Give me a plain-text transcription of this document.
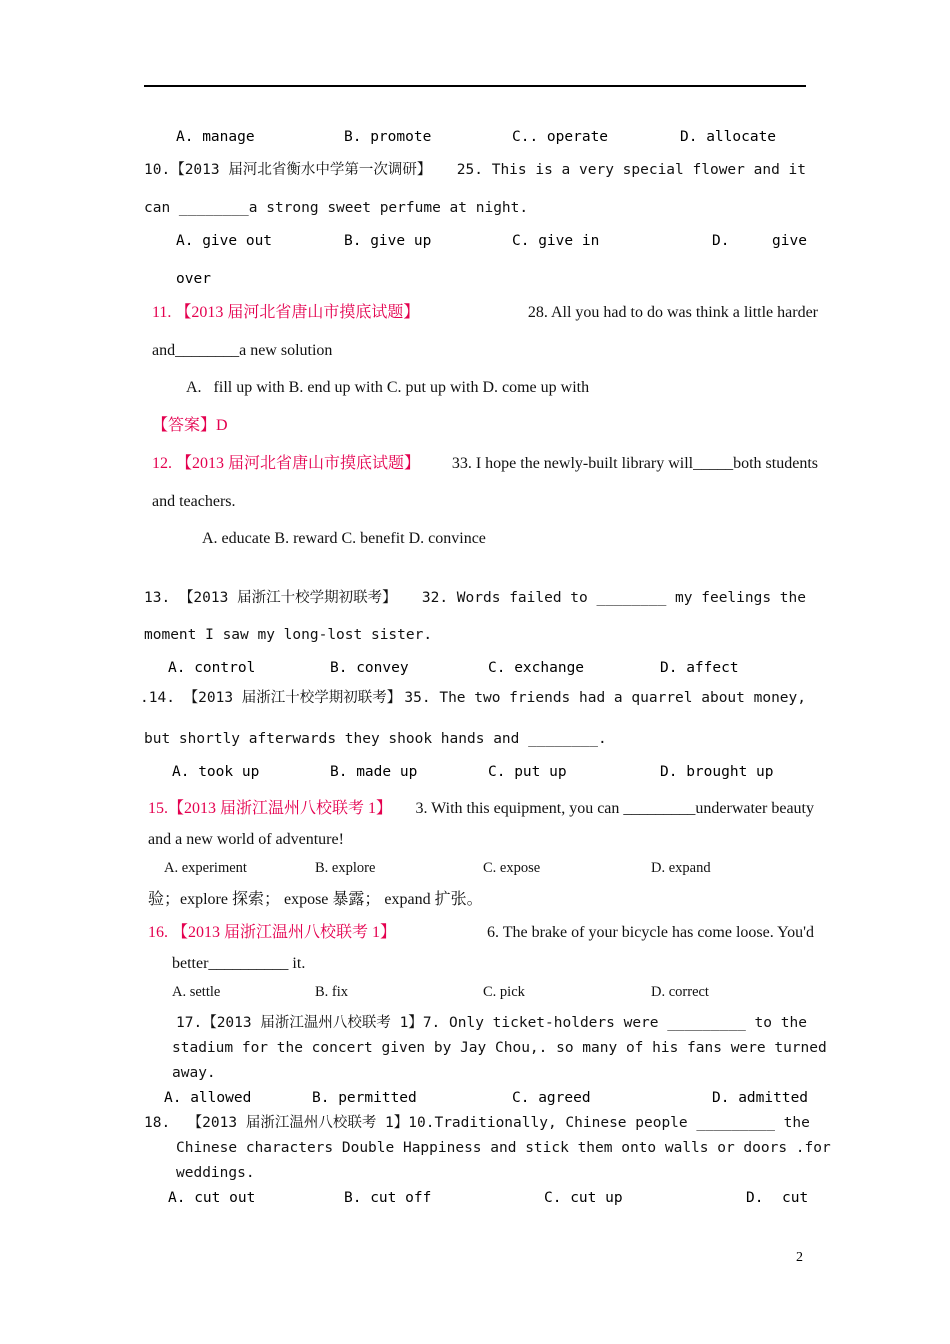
A. manage	B. promote	C.. operate	D. allocate
10.【2013 届河北省衡水中学第一次调研】 25. This is a very special flower and it
can ________a strong sweet perfume at night.
A. give out	B. give up	C. give in	D.	give
over
11. 【2013 届河北省唐山市摸底试题】	28. All you had to do was think a little harder
and________a new solution
A.   fill up with B. end up with C. put up with D. come up with
【答案】D
12. 【2013 届河北省唐山市摸底试题】 33. I hope the newly-built library will_____both students
and teachers.
A. educate B. reward C. benefit D. convince
13. 【2013 届浙江十校学期初联考】 32. Words failed to ________ my feelings the
moment I saw my long-lost sister.
A. control	B. convey	C. exchange	D. affect
.14. 【2013 届浙江十校学期初联考】 35. The two friends had a quarrel about money,
but shortly afterwards they shook hands and ________.
A. took up	B. made up	C. put up	D. brought up
15.【2013 届浙江温州八校联考 1】 3. With this equipment, you can _________underwater beauty
and a new world of adventure!
A. experiment	B. explore	C. expose	D. expand
验；explore 探索； expose 暴露； expand 扩张。
16. 【2013 届浙江温州八校联考 1】	6. The brake of your bicycle has come loose. You'd
better__________ it.
A. settle	B. fix	C. pick	D. correct
17.【2013 届浙江温州八校联考 1】 7. Only ticket-holders were _________ to the
stadium for the concert given by Jay Chou,. so many of his fans were turned
away.
A. allowed	B. permitted	C. agreed	D. admitted
18. 【2013 届浙江温州八校联考 1】 10.Traditionally, Chinese people _________ the
Chinese characters Double Happiness and stick them onto walls or doors .for
weddings.
A. cut out	B. cut off	C. cut up	D. cut
2
